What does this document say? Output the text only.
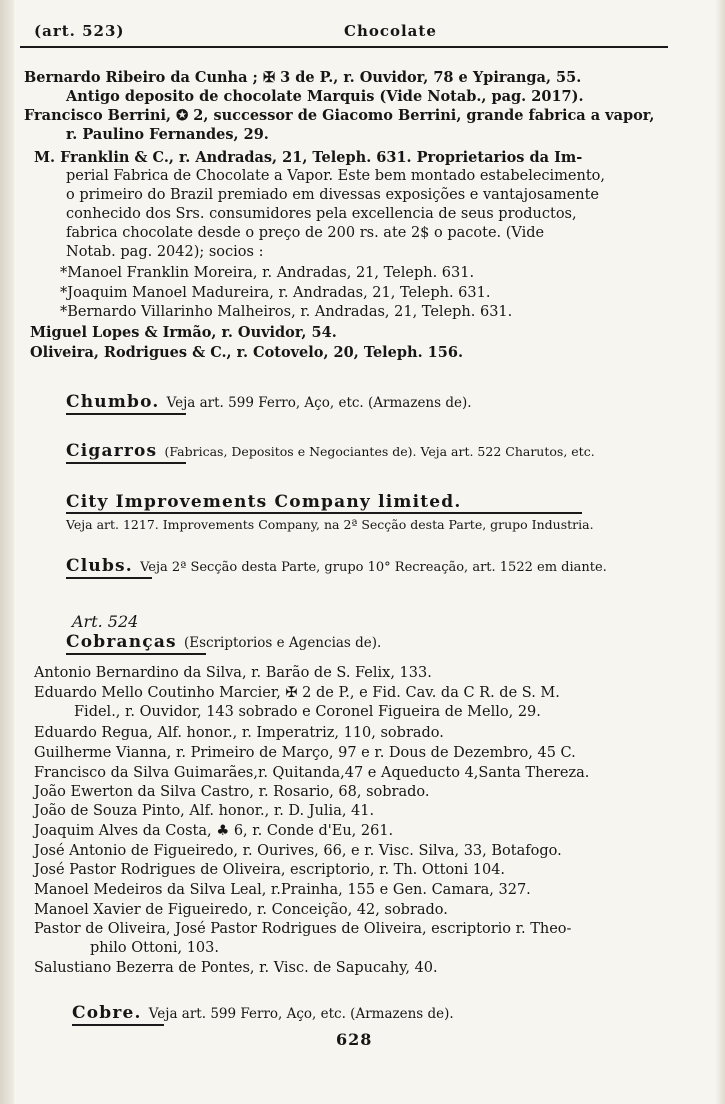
(art. 523)	Chocolate
Bernardo Ribeiro da Cunha ; ✠ 3 de P., r. Ouvidor, 78 e Ypiranga, 55.
Antigo deposito de chocolate Marquis (Vide Notab., pag. 2017).
Francisco Berrini, ✪ 2, successor de Giacomo Berrini, grande fabrica a vapor,
r. Paulino Fernandes, 29.
M. Franklin & C., r. Andradas, 21, Teleph. 631. Proprietarios da Im-
perial Fabrica de Chocolate a Vapor. Este bem montado estabelecimento,
o primeiro do Brazil premiado em divessas exposições e vantajosamente
conhecido dos Srs. consumidores pela excellencia de seus productos,
fabrica chocolate desde o preço de 200 rs. ate 2$ o pacote. (Vide
Notab. pag. 2042); socios :
*Manoel Franklin Moreira, r. Andradas, 21, Teleph. 631.
*Joaquim Manoel Madureira, r. Andradas, 21, Teleph. 631.
*Bernardo Villarinho Malheiros, r. Andradas, 21, Teleph. 631.
Miguel Lopes & Irmão, r. Ouvidor, 54.
Oliveira, Rodrigues & C., r. Cotovelo, 20, Teleph. 156.
Chumbo. Veja art. 599 Ferro, Aço, etc. (Armazens de).
Cigarros (Fabricas, Depositos e Negociantes de). Veja art. 522 Charutos, etc.
City Improvements Company limited.
Veja art. 1217. Improvements Company, na 2ª Secção desta Parte, grupo Industria.
Clubs. Veja 2ª Secção desta Parte, grupo 10° Recreação, art. 1522 em diante.
Art. 524
Cobranças (Escriptorios e Agencias de).
Antonio Bernardino da Silva, r. Barão de S. Felix, 133.
Eduardo Mello Coutinho Marcier, ✠ 2 de P., e Fid. Cav. da C R. de S. M.
Fidel., r. Ouvidor, 143 sobrado e Coronel Figueira de Mello, 29.
Eduardo Regua, Alf. honor., r. Imperatriz, 110, sobrado.
Guilherme Vianna, r. Primeiro de Março, 97 e r. Dous de Dezembro, 45 C.
Francisco da Silva Guimarães,r. Quitanda,47 e Aqueducto 4,Santa Thereza.
João Ewerton da Silva Castro, r. Rosario, 68, sobrado.
João de Souza Pinto, Alf. honor., r. D. Julia, 41.
Joaquim Alves da Costa, ♣ 6, r. Conde d'Eu, 261.
José Antonio de Figueiredo, r. Ourives, 66, e r. Visc. Silva, 33, Botafogo.
José Pastor Rodrigues de Oliveira, escriptorio, r. Th. Ottoni 104.
Manoel Medeiros da Silva Leal, r.Prainha, 155 e Gen. Camara, 327.
Manoel Xavier de Figueiredo, r. Conceição, 42, sobrado.
Pastor de Oliveira, José Pastor Rodrigues de Oliveira, escriptorio r. Theo-
philo Ottoni, 103.
Salustiano Bezerra de Pontes, r. Visc. de Sapucahy, 40.
Cobre. Veja art. 599 Ferro, Aço, etc. (Armazens de).
628
